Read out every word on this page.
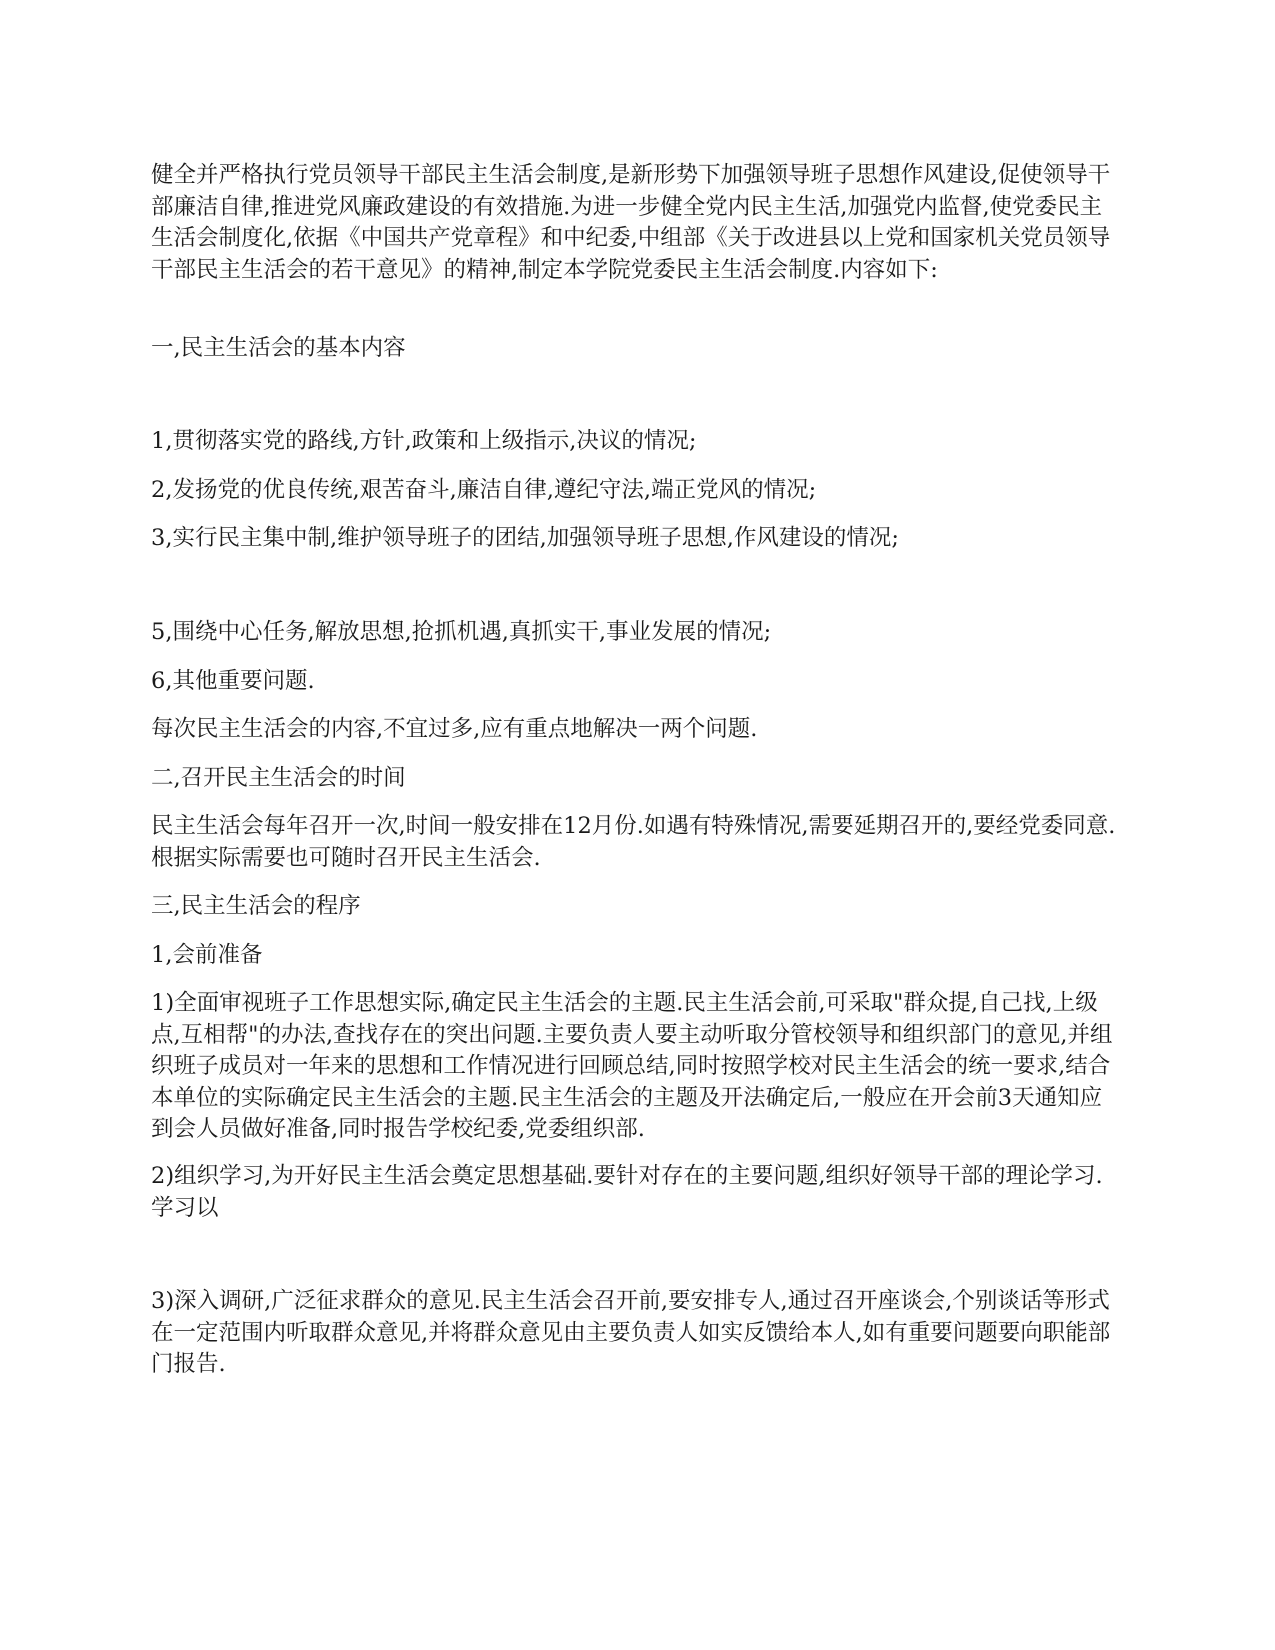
健全并严格执行党员领导干部民主生活会制度,是新形势下加强领导班子思想作风建设,促使领导干部廉洁自律,推进党风廉政建设的有效措施.为进一步健全党内民主生活,加强党内监督,使党委民主生活会制度化,依据《中国共产党章程》和中纪委,中组部《关于改进县以上党和国家机关党员领导干部民主生活会的若干意见》的精神,制定本学院党委民主生活会制度.内容如下:

一,民主生活会的基本内容

1,贯彻落实党的路线,方针,政策和上级指示,决议的情况;

2,发扬党的优良传统,艰苦奋斗,廉洁自律,遵纪守法,端正党风的情况;

3,实行民主集中制,维护领导班子的团结,加强领导班子思想,作风建设的情况;

5,围绕中心任务,解放思想,抢抓机遇,真抓实干,事业发展的情况;

6,其他重要问题.

每次民主生活会的内容,不宜过多,应有重点地解决一两个问题.

二,召开民主生活会的时间

民主生活会每年召开一次,时间一般安排在12月份.如遇有特殊情况,需要延期召开的,要经党委同意.根据实际需要也可随时召开民主生活会.

三,民主生活会的程序

1,会前准备

1)全面审视班子工作思想实际,确定民主生活会的主题.民主生活会前,可采取"群众提,自己找,上级点,互相帮"的办法,查找存在的突出问题.主要负责人要主动听取分管校领导和组织部门的意见,并组织班子成员对一年来的思想和工作情况进行回顾总结,同时按照学校对民主生活会的统一要求,结合本单位的实际确定民主生活会的主题.民主生活会的主题及开法确定后,一般应在开会前3天通知应到会人员做好准备,同时报告学校纪委,党委组织部.

2)组织学习,为开好民主生活会奠定思想基础.要针对存在的主要问题,组织好领导干部的理论学习.学习以

3)深入调研,广泛征求群众的意见.民主生活会召开前,要安排专人,通过召开座谈会,个别谈话等形式在一定范围内听取群众意见,并将群众意见由主要负责人如实反馈给本人,如有重要问题要向职能部门报告.
